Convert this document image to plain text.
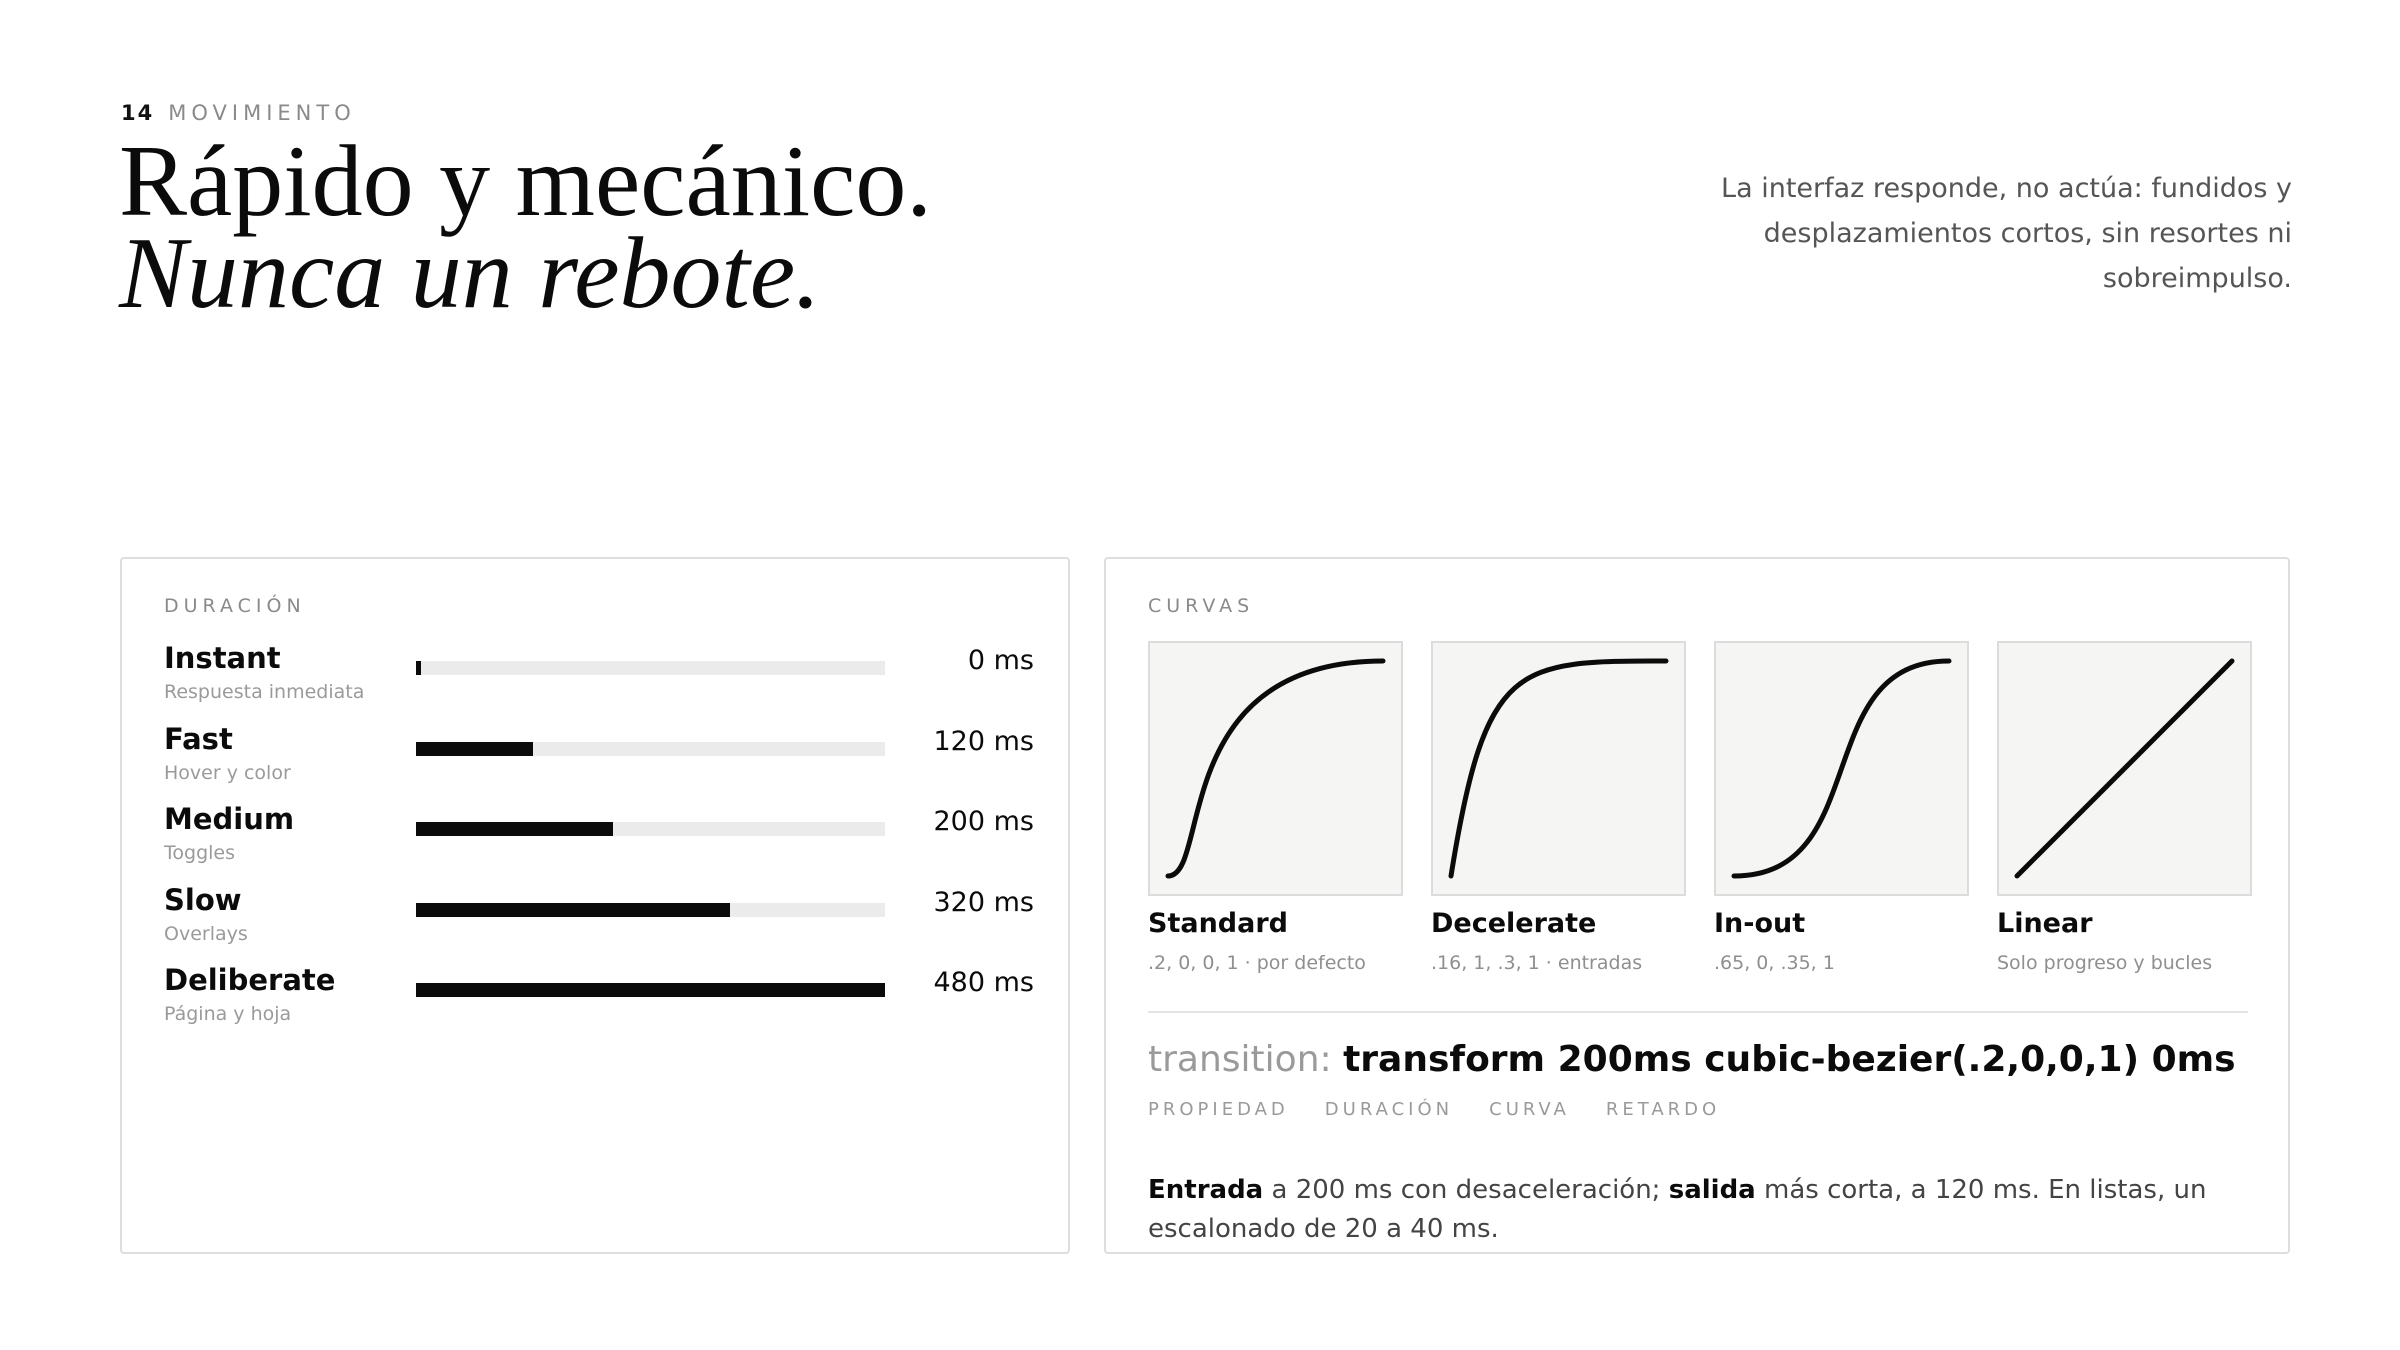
14 MOVIMIENTO
Rápido y mecánico.
Nunca un rebote.

La interfaz responde, no actúa: fundidos y desplazamientos cortos, sin resortes ni sobreimpulso.

DURACIÓN
Instant
Respuesta inmediata
0 ms
Fast
Hover y color
120 ms
Medium
Toggles
200 ms
Slow
Overlays
320 ms
Deliberate
Página y hoja
480 ms
CURVAS
Standard
.2, 0, 0, 1 · por defecto
Decelerate
.16, 1, .3, 1 · entradas
In-out
.65, 0, .35, 1
Linear
Solo progreso y bucles
transition: transform 200ms cubic-bezier(.2,0,0,1) 0ms
PROPIEDAD DURACIÓN CURVA RETARDO

Entrada a 200 ms con desaceleración; salida más corta, a 120 ms. En listas, un escalonado de 20 a 40 ms.
